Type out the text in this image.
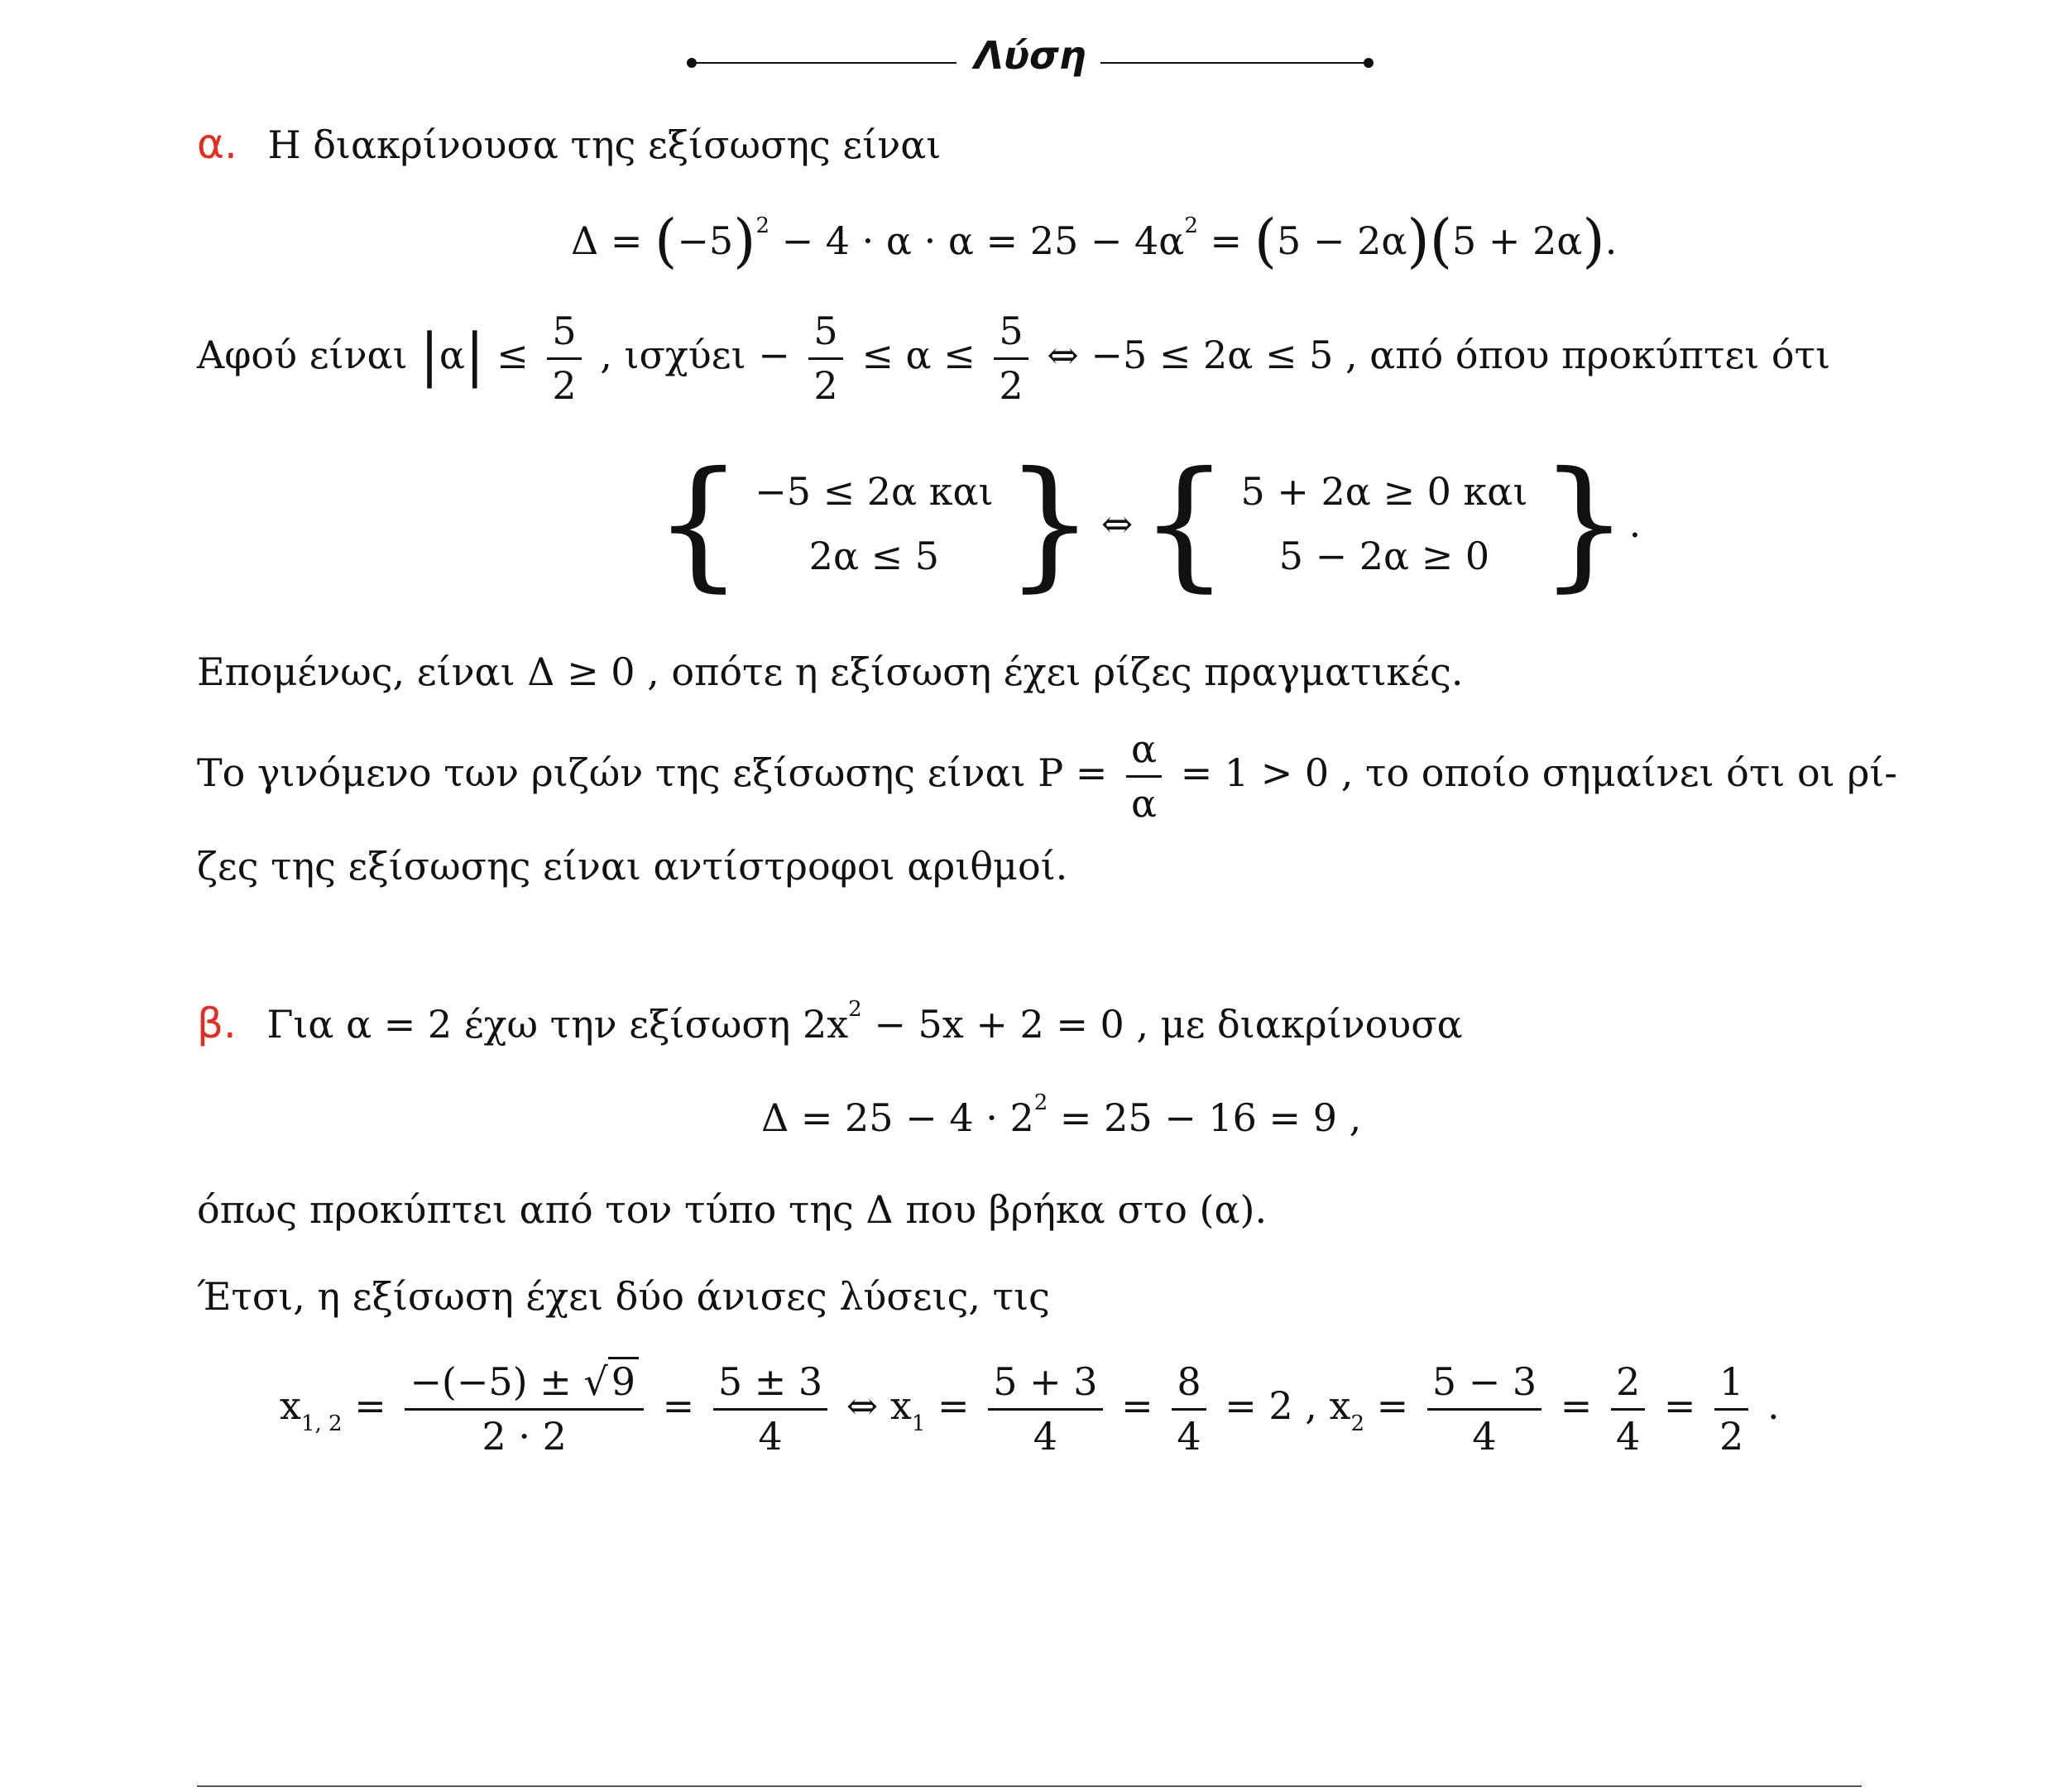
Λύση
α. Η διακρίνουσα της εξίσωσης είναι
$\Delta = (-5)^2 - 4 \cdot \alpha \cdot \alpha = 25 - 4\alpha^2 = (5 - 2\alpha)(5 + 2\alpha)$.
Αφού είναι $|\alpha| \le \frac{5}{2}$ , $\iota\sigma\chi ύ\varepsilon\iota - \frac{5}{2} \le \alpha \le \frac{5}{2}$ ⇔ −5 ≤ 2α ≤ 5 , από όπου προκύπτει ότι
{ −5 ≤ 2α και
2α ≤ 5 } ⇔ { 5 + 2α ≥ 0 και
5 − 2α ≥ 0 } .
Επομένως, είναι Δ ≥ 0 , οπότε η εξίσωση έχει ρίζες πραγματικές.
Το γινόμενο των ριζών της εξίσωσης είναι $P = \frac{\alpha}{\alpha} = 1 > 0$ , το οποίο σημαίνει ότι οι ρί-
ζες της εξίσωσης είναι αντίστροφοι αριθμοί.
β. Για α = 2 έχω την εξίσωση $2x^2 - 5x + 2 = 0$ , με διακρίνουσα
$\Delta = 25 - 4 \cdot 2^2 = 25 - 16 = 9$ ,
όπως προκύπτει από τον τύπο της Δ που βρήκα στο (α).
Έτσι, η εξίσωση έχει δύο άνισες λύσεις, τις
$x_{1, 2} = \frac{-(-5) \pm √9}{2 \cdot 2} = \frac{5 \pm 3}{4}$ ⇔ $x_1 = \frac{5 + 3}{4} = \frac{8}{4} = 2$ , $x_2 = \frac{5 - 3}{4} = \frac{2}{4} = \frac{1}{2}$ .
